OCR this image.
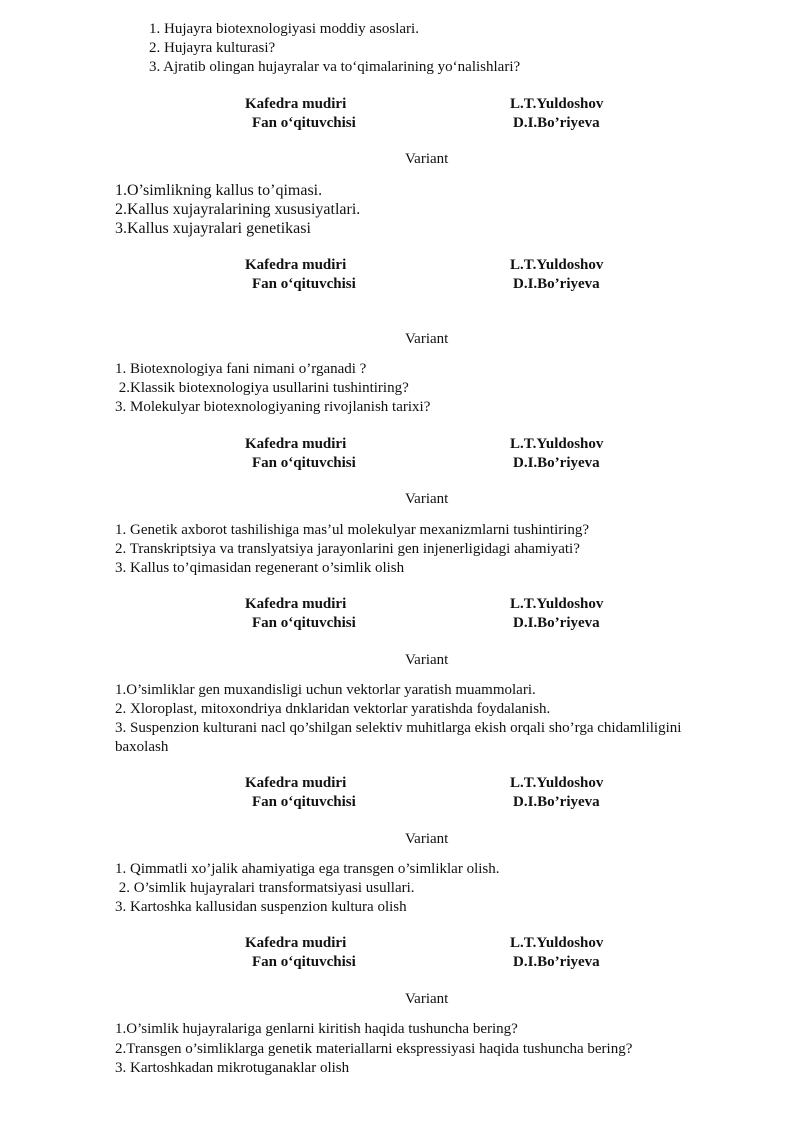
1. Hujayra biotexnologiyasi moddiy asoslari.
2. Hujayra kulturasi?
3. Ajratib olingan hujayralar va to‘qimalarining yo‘nalishlari?
Kafedra mudiri	L.T.Yuldoshov
Fan o‘qituvchisi	D.I.Bo’riyeva
Variant
1.O’simlikning kallus to’qimasi.
2.Kallus xujayralarining xususiyatlari.
3.Kallus xujayralari genetikasi
Kafedra mudiri	L.T.Yuldoshov
Fan o‘qituvchisi	D.I.Bo’riyeva
Variant
1. Biotexnologiya fani nimani o’rganadi ?
2.Klassik biotexnologiya usullarini tushintiring?
3. Molekulyar biotexnologiyaning rivojlanish tarixi?
Kafedra mudiri	L.T.Yuldoshov
Fan o‘qituvchisi	D.I.Bo’riyeva
Variant
1. Genetik axborot tashilishiga mas’ul molekulyar mexanizmlarni tushintiring?
2. Transkriptsiya va translyatsiya jarayonlarini gen injenerligidagi ahamiyati?
3. Kallus to’qimasidan regenerant o’simlik olish
Kafedra mudiri	L.T.Yuldoshov
Fan o‘qituvchisi	D.I.Bo’riyeva
Variant
1.O’simliklar gen muxandisligi uchun vektorlar yaratish muammolari.
2. Xloroplast, mitoxondriya dnklaridan vektorlar yaratishda foydalanish.
3. Suspenzion kulturani nacl qo’shilgan selektiv muhitlarga ekish orqali sho’rga chidamliligini baxolash
Kafedra mudiri	L.T.Yuldoshov
Fan o‘qituvchisi	D.I.Bo’riyeva
Variant
1. Qimmatli xo’jalik ahamiyatiga ega transgen o’simliklar olish.
2. O’simlik hujayralari transformatsiyasi usullari.
3. Kartoshka kallusidan suspenzion kultura olish
Kafedra mudiri	L.T.Yuldoshov
Fan o‘qituvchisi	D.I.Bo’riyeva
Variant
1.O’simlik hujayralariga genlarni kiritish haqida tushuncha bering?
2.Transgen o’simliklarga genetik materiallarni ekspressiyasi haqida tushuncha bering?
3. Kartoshkadan mikrotuganaklar olish
